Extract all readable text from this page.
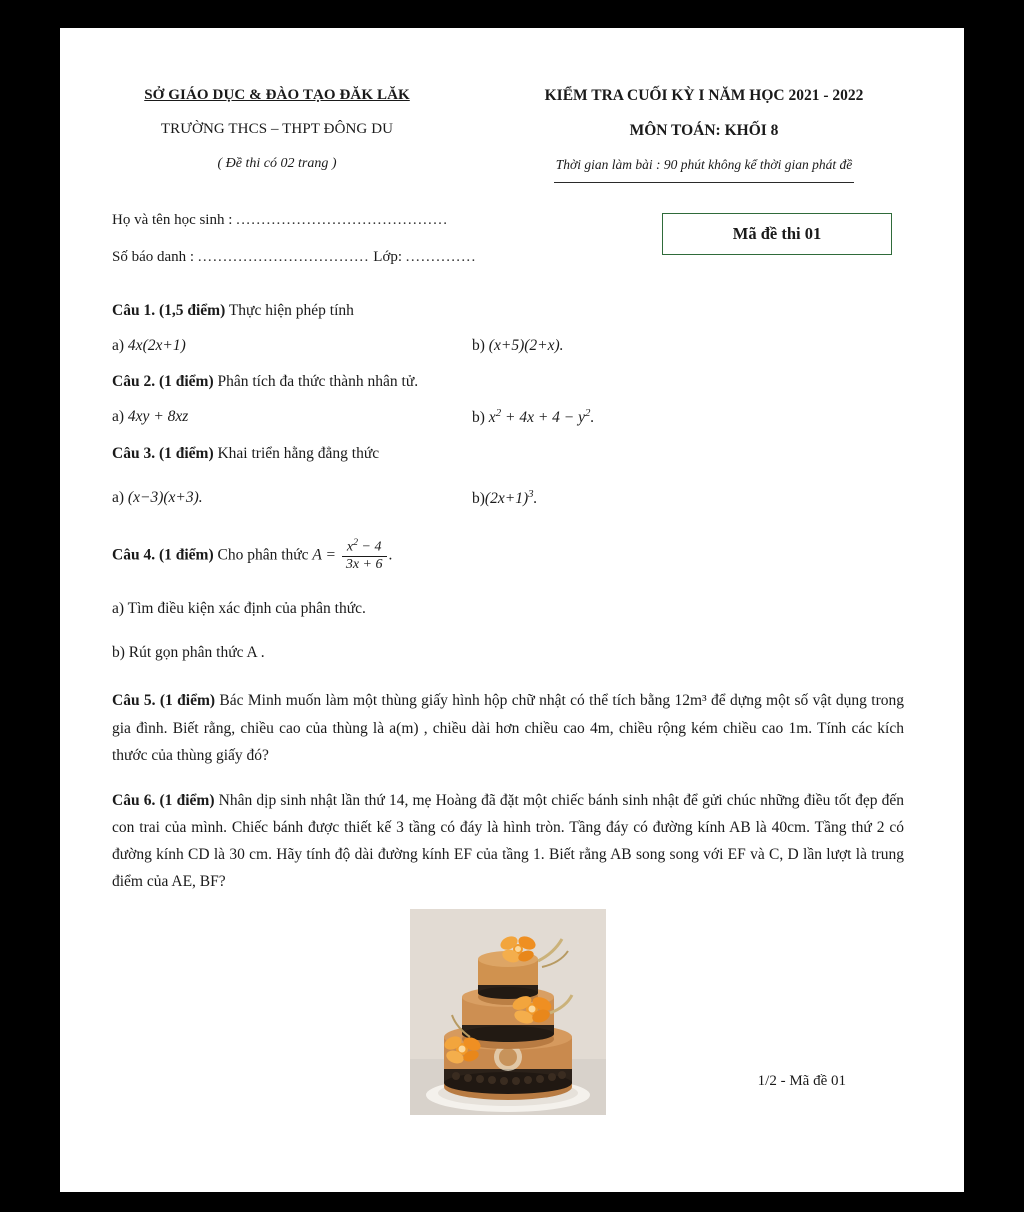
SỞ GIÁO DỤC & ĐÀO TẠO ĐĂK LĂK
TRƯỜNG THCS – THPT ĐÔNG DU
( Đề thi có 02 trang )
KIỂM TRA CUỐI KỲ I NĂM HỌC 2021 - 2022
MÔN TOÁN: KHỐI 8
Thời gian làm bài : 90 phút không kể thời gian phát đề
Họ và tên học sinh : ..........................................
Số báo danh : .................................. Lớp: ..............
Mã đề thi 01
Câu 1. (1,5 điểm) Thực hiện phép tính
a) 4x(2x+1)	b) (x+5)(2+x).
Câu 2. (1 điểm) Phân tích đa thức thành nhân tử.
a) 4xy + 8xz	b) $x^2 + 4x + 4 - y^2$.
Câu 3. (1 điểm) Khai triển hằng đẳng thức
a) (x−3)(x+3).	$b)(2x+1)^3$.
Câu 4. (1 điểm) Cho phân thức $A = \frac{x^2 - 4}{3x + 6}$ .
a) Tìm điều kiện xác định của phân thức.
b) Rút gọn phân thức A .
Câu 5. (1 điểm) Bác Minh muốn làm một thùng giấy hình hộp chữ nhật có thể tích bằng 12m³ để dựng một số vật dụng trong gia đình. Biết rằng, chiều cao của thùng là a(m) , chiều dài hơn chiều cao 4m, chiều rộng kém chiều cao 1m. Tính các kích thước của thùng giấy đó?
Câu 6. (1 điểm) Nhân dịp sinh nhật lần thứ 14, mẹ Hoàng đã đặt một chiếc bánh sinh nhật để gửi chúc những điều tốt đẹp đến con trai của mình. Chiếc bánh được thiết kế 3 tầng có đáy là hình tròn. Tầng đáy có đường kính AB là 40cm. Tầng thứ 2 có đường kính CD là 30 cm. Hãy tính độ dài đường kính EF của tầng 1. Biết rằng AB song song với EF và C, D lần lượt là trung điểm của AE, BF?
1/2 - Mã đề 01
